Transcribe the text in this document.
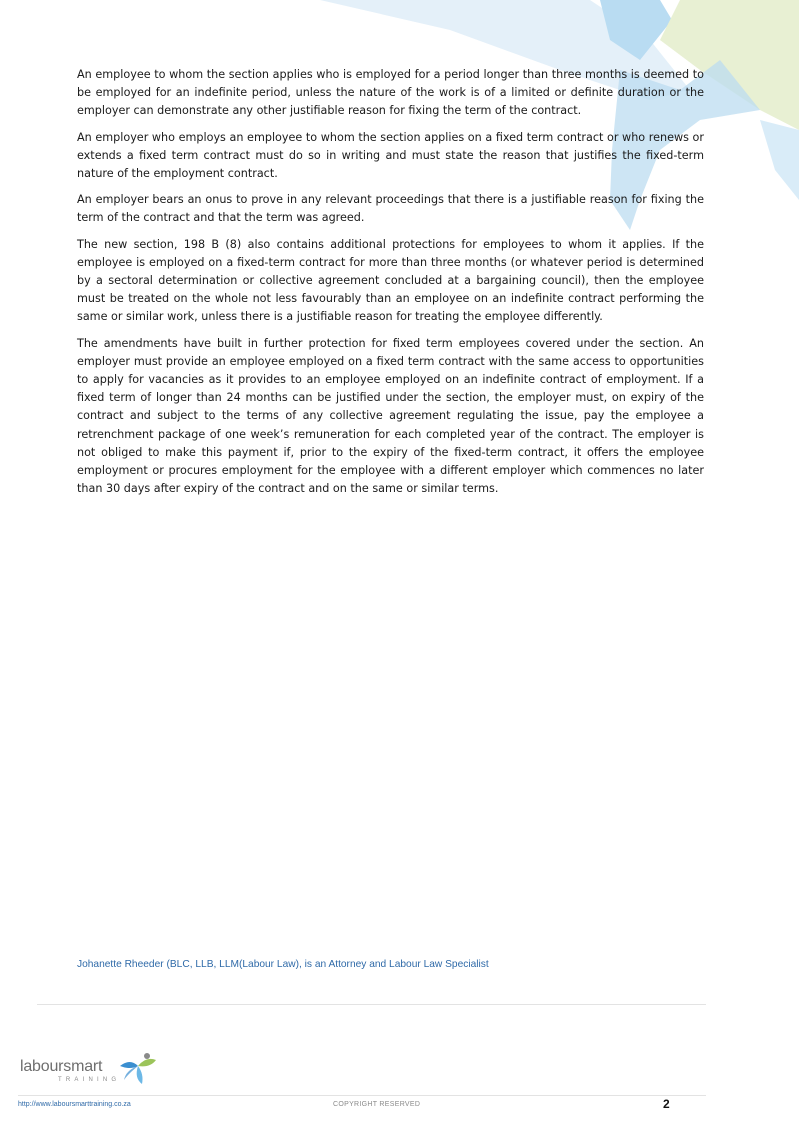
An employee to whom the section applies who is employed for a period longer than three months is deemed to be employed for an indefinite period, unless the nature of the work is of a limited or definite duration or the employer can demonstrate any other justifiable reason for fixing the term of the contract.

An employer who employs an employee to whom the section applies on a fixed term contract or who renews or extends a fixed term contract must do so in writing and must state the reason that justifies the fixed-term nature of the employment contract.

An employer bears an onus to prove in any relevant proceedings that there is a justifiable reason for fixing the term of the contract and that the term was agreed.

The new section, 198 B (8) also contains additional protections for employees to whom it applies. If the employee is employed on a fixed-term contract for more than three months (or whatever period is determined by a sectoral determination or collective agreement concluded at a bargaining council), then the employee must be treated on the whole not less favourably than an employee on an indefinite contract performing the same or similar work, unless there is a justifiable reason for treating the employee differently.

The amendments have built in further protection for fixed term employees covered under the section. An employer must provide an employee employed on a fixed term contract with the same access to opportunities to apply for vacancies as it provides to an employee employed on an indefinite contract of employment. If a fixed term of longer than 24 months can be justified under the section, the employer must, on expiry of the contract and subject to the terms of any collective agreement regulating the issue, pay the employee a retrenchment package of one week’s remuneration for each completed year of the contract. The employer is not obliged to make this payment if, prior to the expiry of the fixed-term contract, it offers the employee employment or procures employment for the employee with a different employer which commences no later than 30 days after expiry of the contract and on the same or similar terms.

Johanette Rheeder (BLC, LLB, LLM(Labour Law), is an Attorney and Labour Law Specialist
laboursmart
TRAINING
http://www.laboursmarttraining.co.za	COPYRIGHT RESERVED	2
